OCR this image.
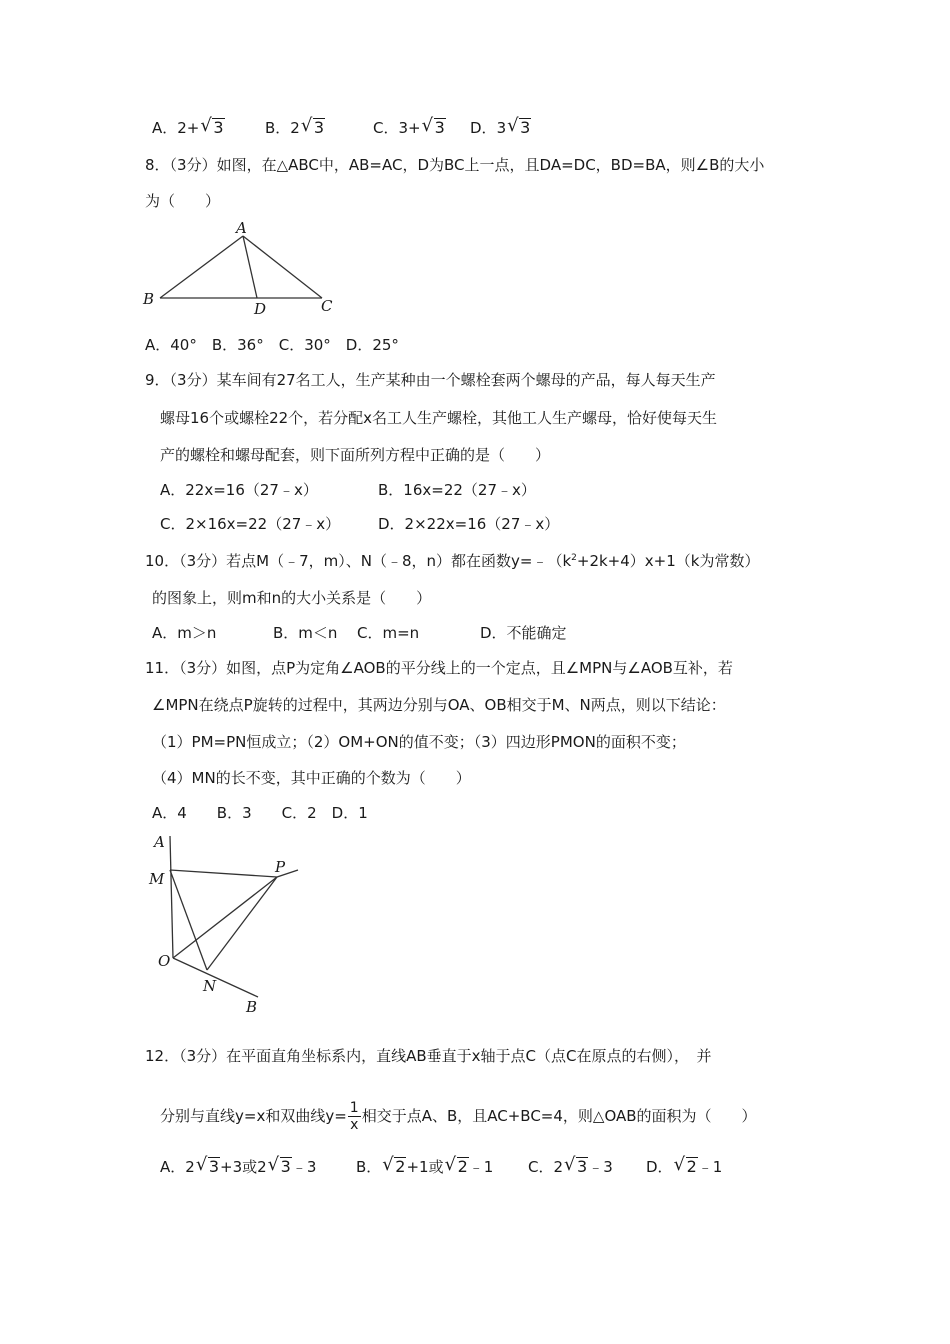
A．2+ √ 3	B．2 √ 3	C．3+ √ 3 D．3 √ 3
8．（3分）如图，在△ABC中，AB=AC，D为BC上一点，且DA=DC，BD=BA，则∠B的大小
为（　　）
A
B	C
D
A．40°　B．36°　C．30°　D．25°
9．（3分）某车间有27名工人，生产某种由一个螺栓套两个螺母的产品，每人每天生产
螺母16个或螺栓22个，若分配x名工人生产螺栓，其他工人生产螺母，恰好使每天生
产的螺栓和螺母配套，则下面所列方程中正确的是（　　）
A．22x=16（27﹣x）	B．16x=22（27﹣x）
C．2×16x=22（27﹣x）	D．2×22x=16（27﹣x）
10．（3分）若点M（﹣7，m）、N（﹣8，n）都在函数$y=﹣(k^2+2k+4)x+1(k$为常数）
的图象上，则m和n的大小关系是（　　）
A．m＞n	B．m＜n C．m=n	D．不能确定
11．（3分）如图，点P为定角∠AOB的平分线上的一个定点，且∠MPN与∠AOB互补，若
∠MPN在绕点P旋转的过程中，其两边分别与OA、OB相交于M、N两点，则以下结论：
（1）PM=PN恒成立；（2）OM+ON的值不变；（3）四边形PMON的面积不变；
（4）MN的长不变，其中正确的个数为（　　）
A．4　　B．3　　C．2　D．1
A
M
P
O
N
B
12．（3分）在平面直角坐标系内，直线AB垂直于x轴于点C（点C在原点的右侧），　并
分别与直线y=x和双曲线$y= \frac{1}{x}$ 相交于点A、B，且AC+BC=4，则△OAB的面积为（　　）
A．2 √ 3+3或2 √ 3﹣3	B． √ 2+1或 √ 2﹣1 C．2 √ 3﹣3 D． √ 2﹣1
